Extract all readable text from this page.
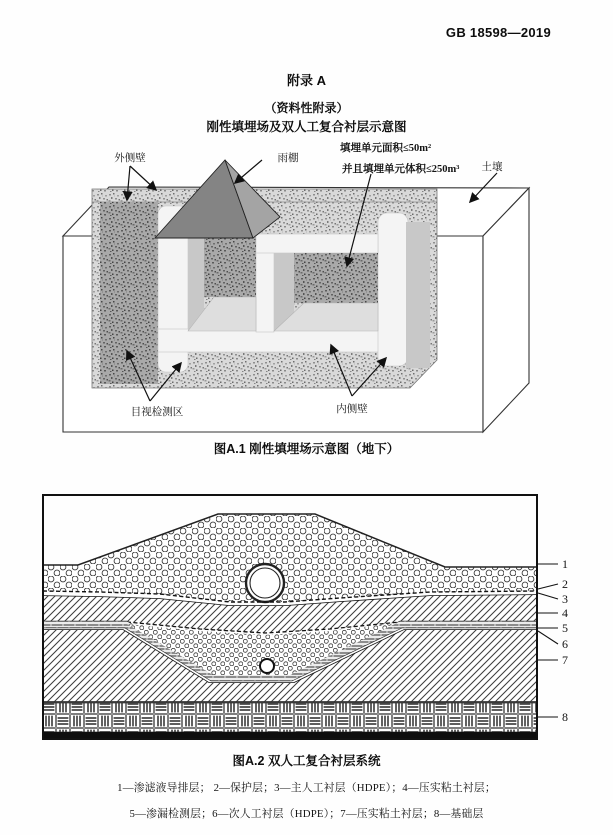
GB 18598—2019
附录 A
（资料性附录）
刚性填埋场及双人工复合衬层示意图
外侧壁	雨棚
填埋单元面积≤50m²
并且填埋单元体积≤250m³ 土壤
目视检测区	内侧壁
图A.1 刚性填埋场示意图（地下）
1
2
3
4
5
6
7
8
图A.2 双人工复合衬层系统
1—渗滤液导排层； 2—保护层；3—主人工衬层（HDPE）；4—压实粘土衬层；
5—渗漏检测层；6—次人工衬层（HDPE）；7—压实粘土衬层；8—基础层
